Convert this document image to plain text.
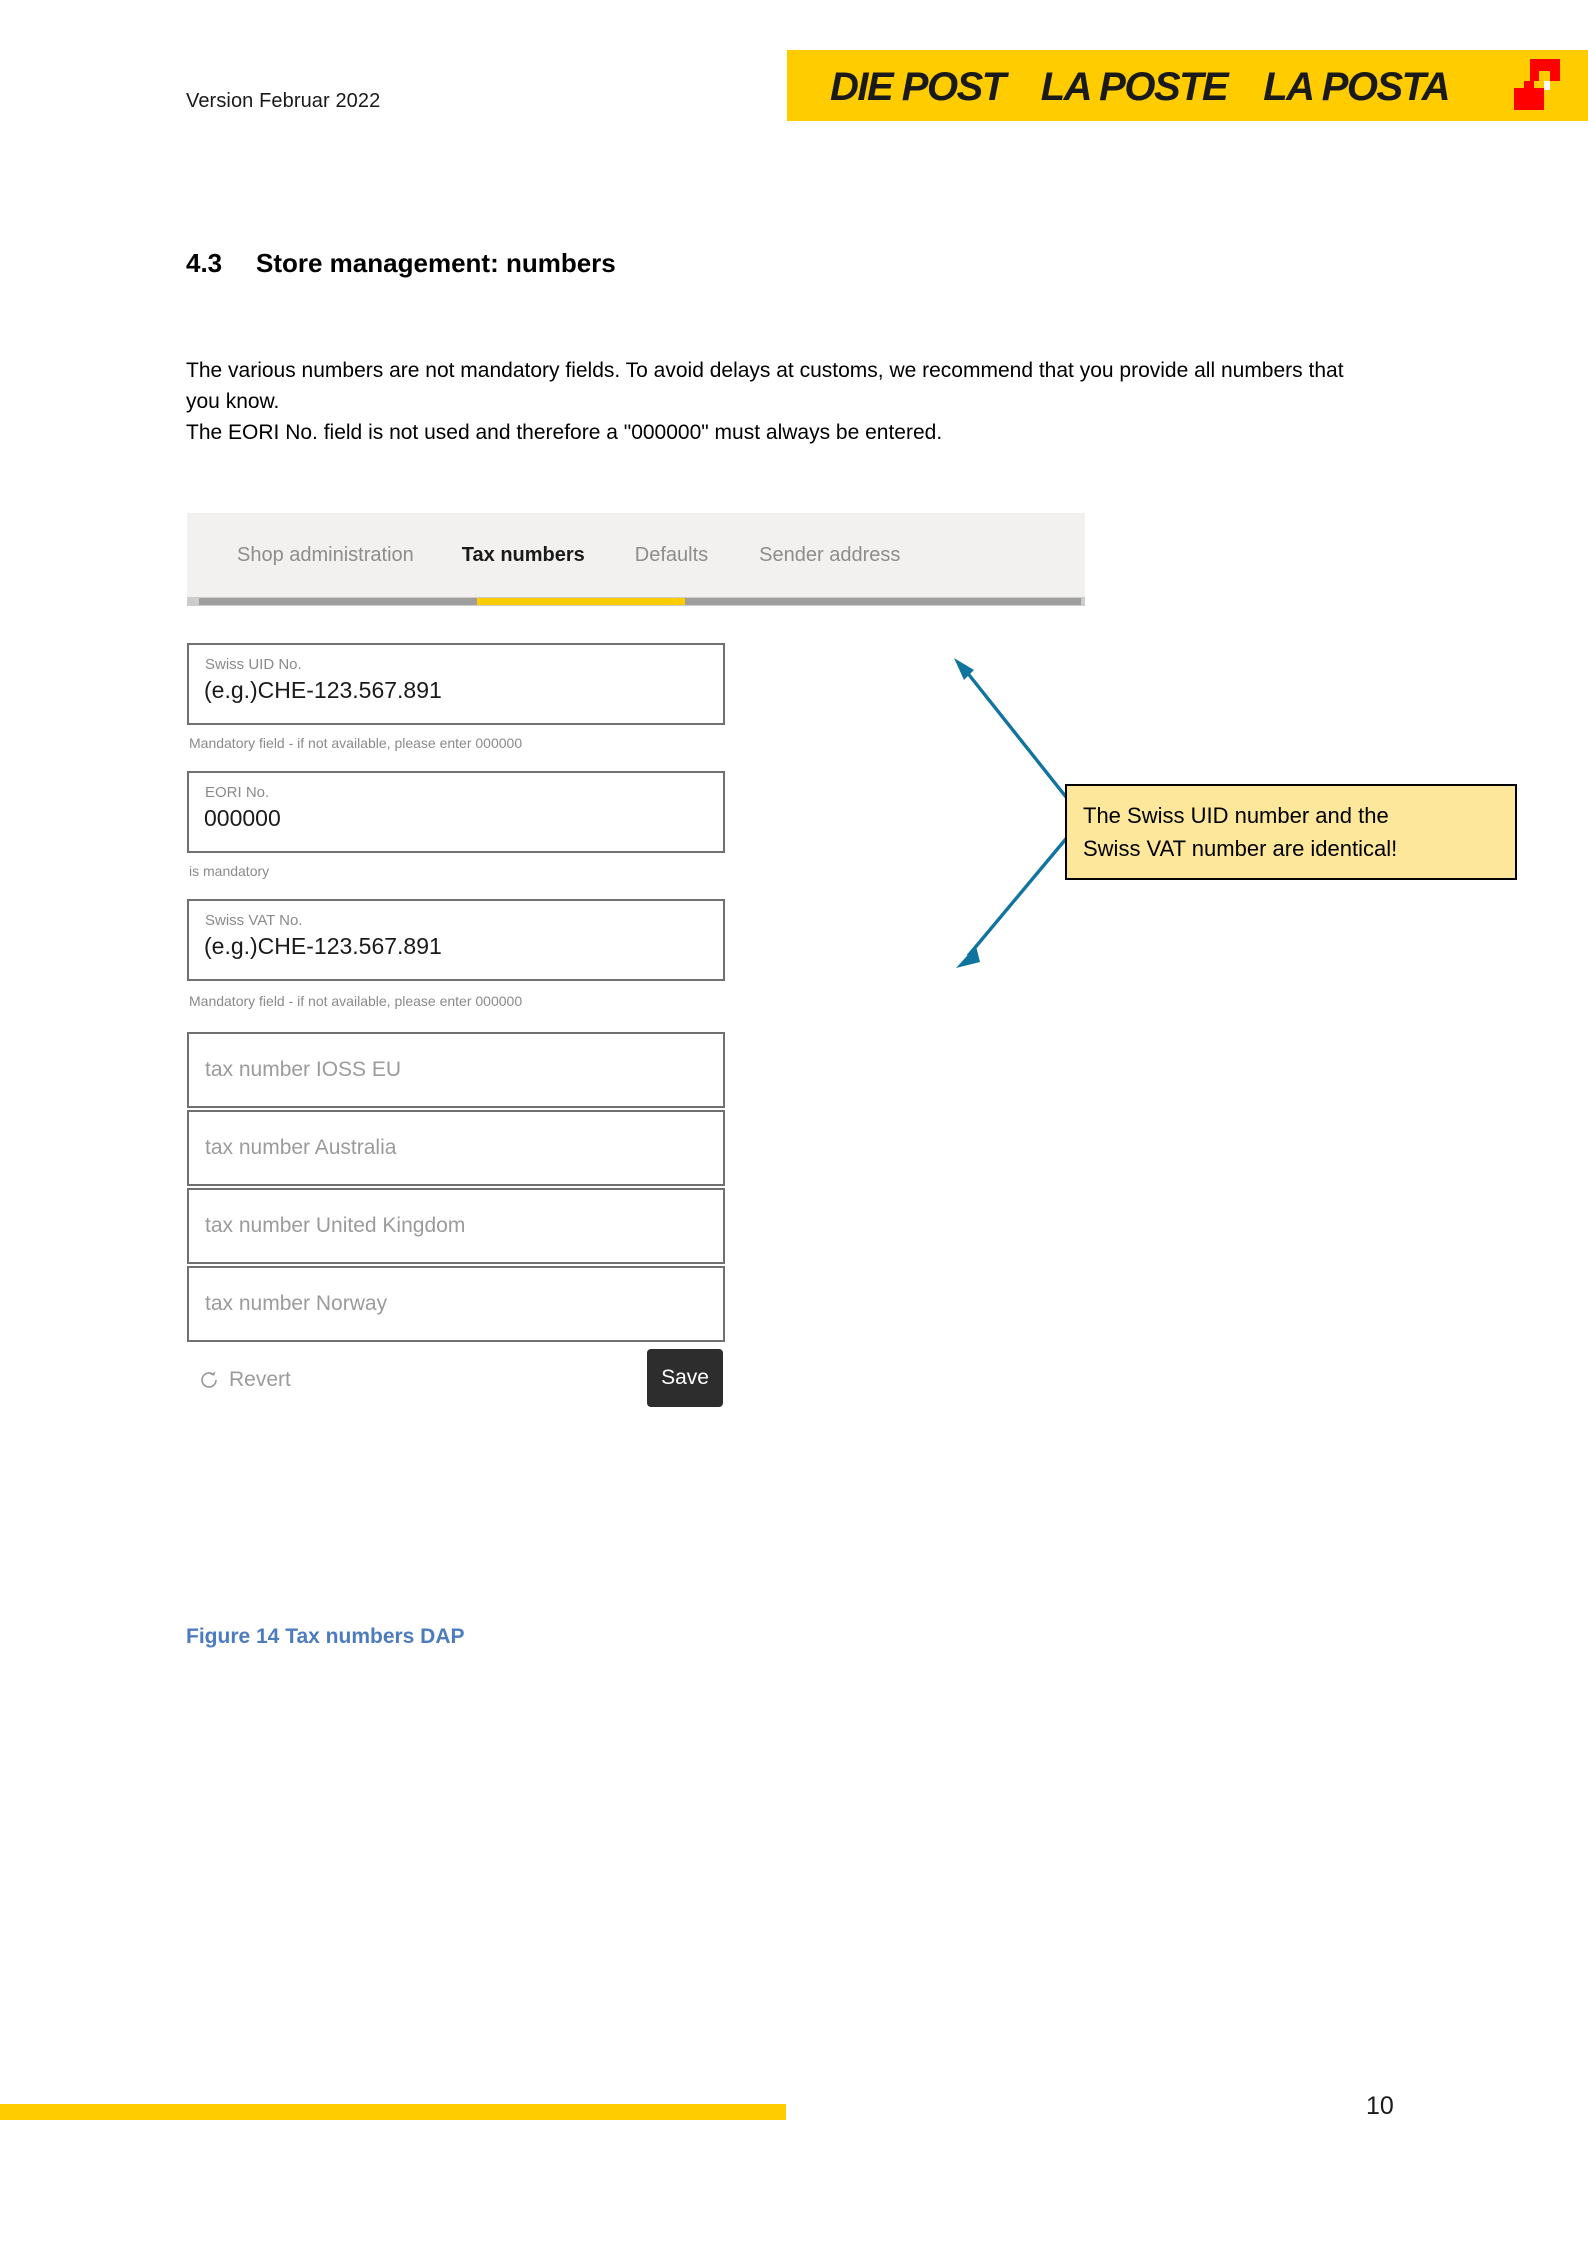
Version Februar 2022	DIE POST LA POSTE LA POSTA
4.3 Store management: numbers
The various numbers are not mandatory fields. To avoid delays at customs, we recommend that you provide all numbers that you know.
The EORI No. field is not used and therefore a "000000" must always be entered.
Shop administration Tax numbers	Defaults	Sender address
Swiss UID No.
(e.g.)CHE-123.567.891
Mandatory field - if not available, please enter 000000
EORI No.
000000
is mandatory
Swiss VAT No.
(e.g.)CHE-123.567.891
Mandatory field - if not available, please enter 000000
tax number IOSS EU
tax number Australia
tax number United Kingdom
tax number Norway
Revert	Save
The Swiss UID number and the
Swiss VAT number are identical!
Figure 14 Tax numbers DAP
10
